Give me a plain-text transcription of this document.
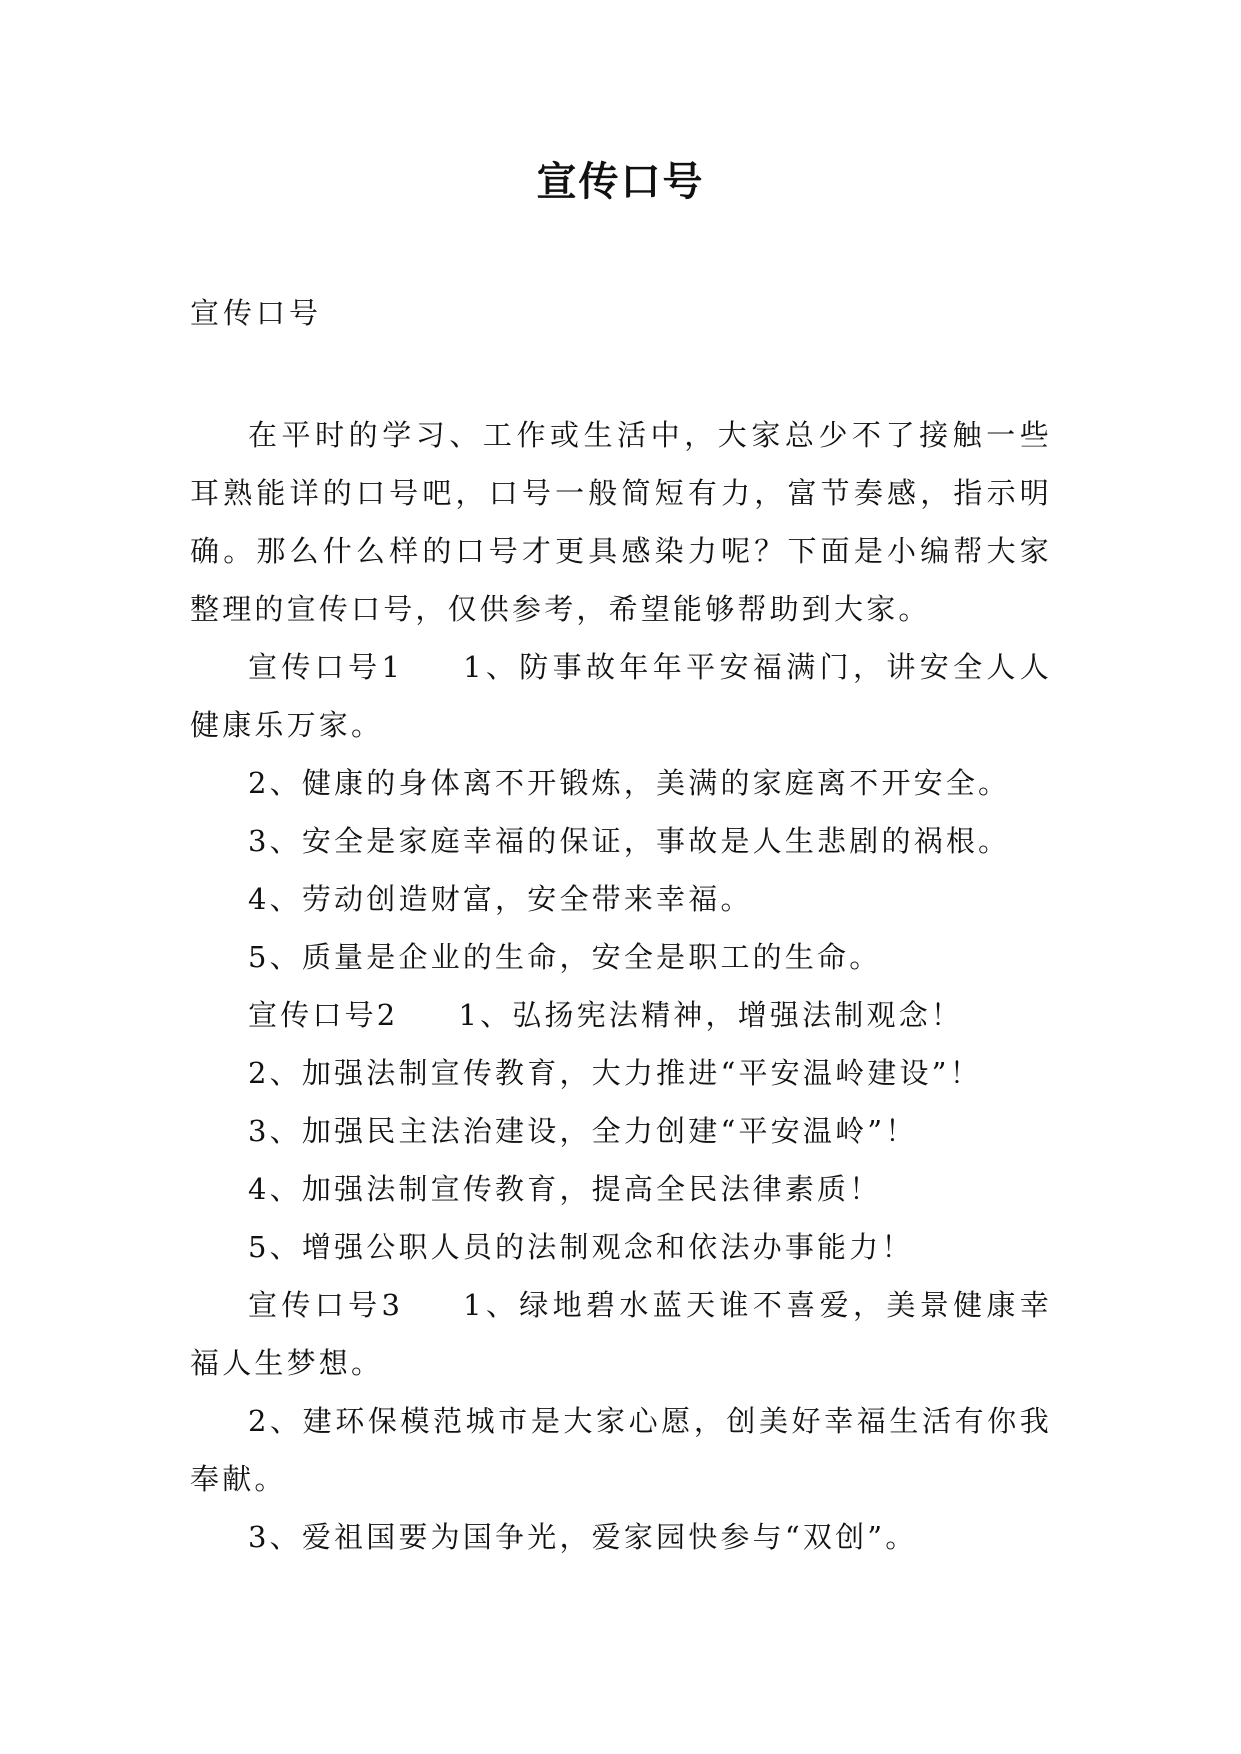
宣传口号
宣传口号

在平时的学习、工作或生活中，大家总少不了接触一些耳熟能详的口号吧，口号一般简短有力，富节奏感，指示明确。那么什么样的口号才更具感染力呢？下面是小编帮大家整理的宣传口号，仅供参考，希望能够帮助到大家。

宣传口号1 1、防事故年年平安福满门，讲安全人人健康乐万家。

2、健康的身体离不开锻炼，美满的家庭离不开安全。

3、安全是家庭幸福的保证，事故是人生悲剧的祸根。

4、劳动创造财富，安全带来幸福。

5、质量是企业的生命，安全是职工的生命。

宣传口号2 1、弘扬宪法精神，增强法制观念！

2、加强法制宣传教育，大力推进“平安温岭建设”！

3、加强民主法治建设，全力创建“平安温岭”！

4、加强法制宣传教育，提高全民法律素质！

5、增强公职人员的法制观念和依法办事能力！

宣传口号3 1、绿地碧水蓝天谁不喜爱，美景健康幸福人生梦想。

2、建环保模范城市是大家心愿，创美好幸福生活有你我奉献。

3、爱祖国要为国争光，爱家园快参与“双创”。
